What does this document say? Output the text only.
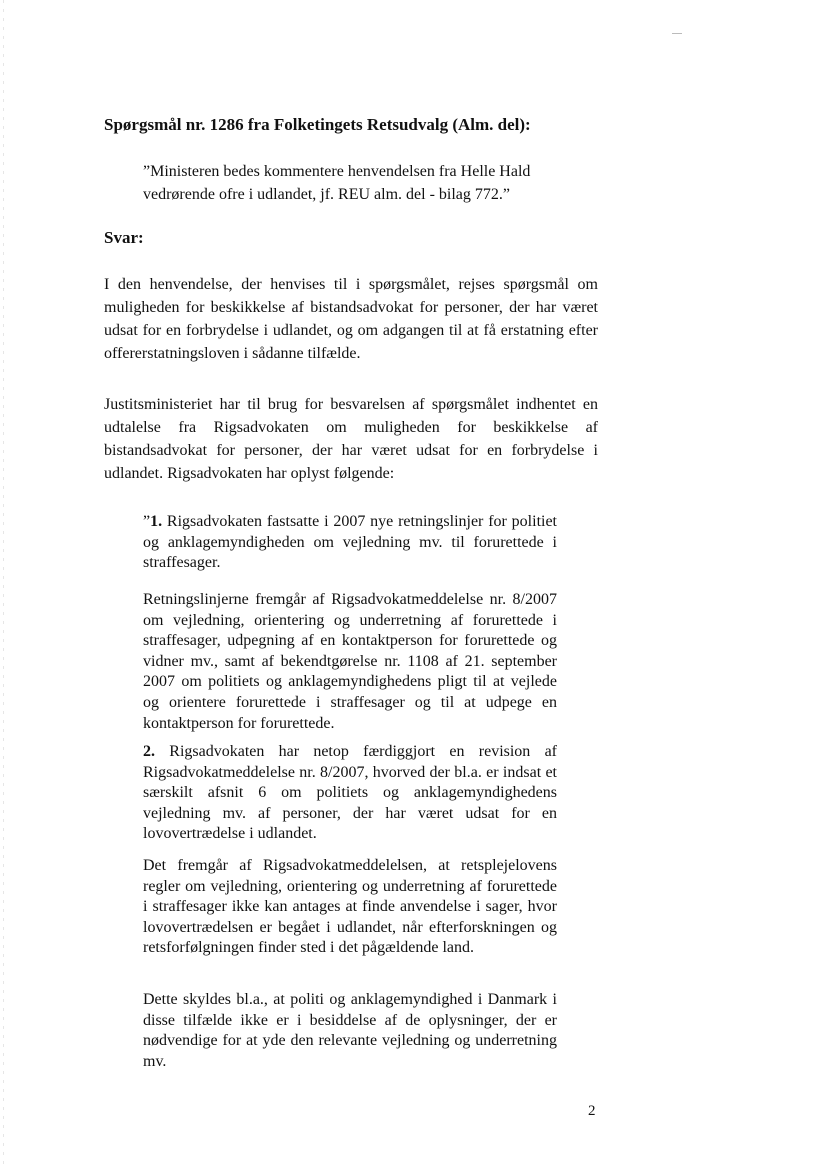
Spørgsmål nr. 1286 fra Folketingets Retsudvalg (Alm. del):
”Ministeren bedes kommentere henvendelsen fra Helle Hald vedrørende ofre i udlandet, jf. REU alm. del - bilag 772.”
Svar:
I den henvendelse, der henvises til i spørgsmålet, rejses spørgsmål om muligheden for beskikkelse af bistandsadvokat for personer, der har været udsat for en forbrydelse i udlandet, og om adgangen til at få erstatning efter offererstatningsloven i sådanne tilfælde.
Justitsministeriet har til brug for besvarelsen af spørgsmålet indhentet en udtalelse fra Rigsadvokaten om muligheden for beskikkelse af bistandsadvokat for personer, der har været udsat for en forbrydelse i udlandet. Rigsadvokaten har oplyst følgende:
”1. Rigsadvokaten fastsatte i 2007 nye retningslinjer for politiet og anklagemyndigheden om vejledning mv. til forurettede i straffesager.
Retningslinjerne fremgår af Rigsadvokatmeddelelse nr. 8/2007 om vejledning, orientering og underretning af forurettede i straffesager, udpegning af en kontaktperson for forurettede og vidner mv., samt af bekendtgørelse nr. 1108 af 21. september 2007 om politiets og anklagemyndighedens pligt til at vejlede og orientere forurettede i straffesager og til at udpege en kontaktperson for forurettede.
2. Rigsadvokaten har netop færdiggjort en revision af Rigsadvokatmeddelelse nr. 8/2007, hvorved der bl.a. er indsat et særskilt afsnit 6 om politiets og anklagemyndighedens vejledning mv. af personer, der har været udsat for en lovovertrædelse i udlandet.
Det fremgår af Rigsadvokatmeddelelsen, at retsplejelovens regler om vejledning, orientering og underretning af forurettede i straffesager ikke kan antages at finde anvendelse i sager, hvor lovovertrædelsen er begået i udlandet, når efterforskningen og retsforfølgningen finder sted i det pågældende land.
Dette skyldes bl.a., at politi og anklagemyndighed i Danmark i disse tilfælde ikke er i besiddelse af de oplysninger, der er nødvendige for at yde den relevante vejledning og underretning mv.
2
